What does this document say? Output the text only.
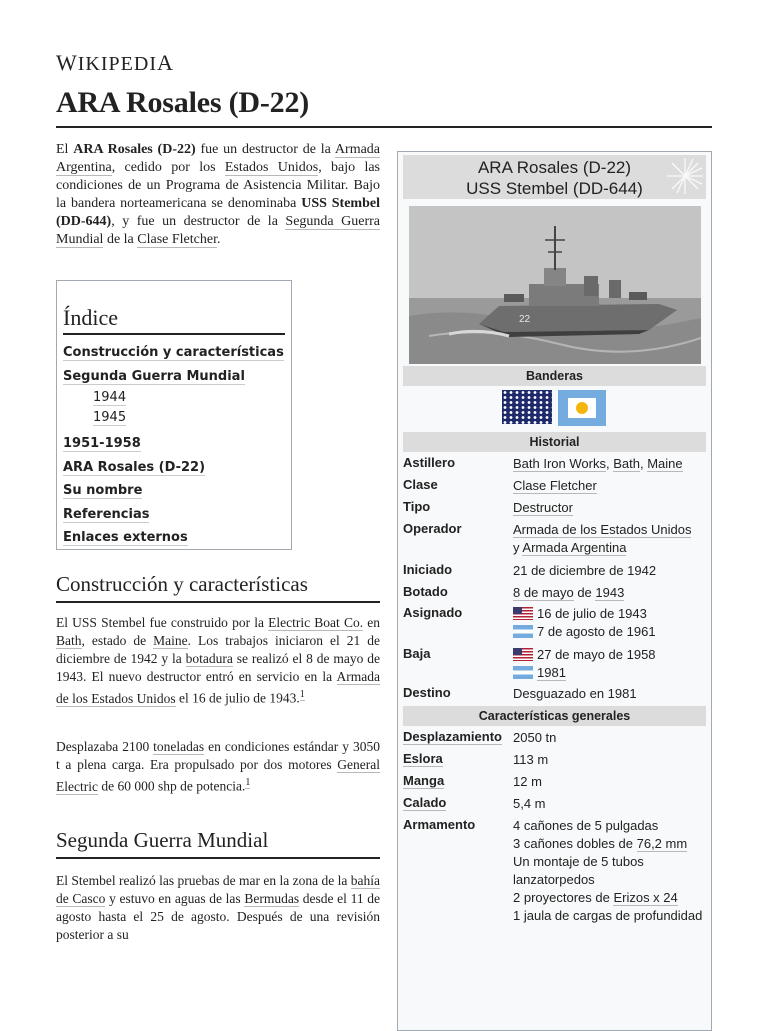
WIKIPEDIA
ARA Rosales (D-22)

El ARA Rosales (D-22) fue un destructor de la Armada Argentina, cedido por los Estados Unidos, bajo las condiciones de un Programa de Asistencia Militar. Bajo la bandera norteamericana se denominaba USS Stembel (DD-644), y fue un destructor de la Segunda Guerra Mundial de la Clase Fletcher.

Índice
Construcción y características
Segunda Guerra Mundial
1944
1945
1951-1958
ARA Rosales (D-22)
Su nombre
Referencias
Enlaces externos
Construcción y características

El USS Stembel fue construido por la Electric Boat Co. en Bath, estado de Maine. Los trabajos iniciaron el 21 de diciembre de 1942 y la botadura se realizó el 8 de mayo de 1943. El nuevo destructor entró en servicio en la Armada de los Estados Unidos el 16 de julio de 1943.$^1$

Desplazaba 2100 toneladas en condiciones estándar y 3050 t a plena carga. Era propulsado por dos motores General Electric de 60 000 shp de potencia.$^1$

Segunda Guerra Mundial

El Stembel realizó las pruebas de mar en la zona de la bahía de Casco y estuvo en aguas de las Bermudas desde el 11 de agosto hasta el 25 de agosto. Después de una revisión posterior a su

ARA Rosales (D-22)
USS Stembel (DD-644)
22
Banderas
Historial
Astillero	Bath Iron Works, Bath, Maine
Clase	Clase Fletcher
Tipo	Destructor
Operador	Armada de los Estados Unidos
y Armada Argentina
Iniciado	21 de diciembre de 1942
Botado	8 de mayo de 1943
Asignado	16 de julio de 1943
7 de agosto de 1961
Baja	27 de mayo de 1958
1981
Destino	Desguazado en 1981
Características generales
Desplazamiento 2050 tn
Eslora	113 m
Manga	12 m
Calado	5,4 m
Armamento	4 cañones de 5 pulgadas
3 cañones dobles de 76,2 mm
Un montaje de 5 tubos lanzatorpedos
2 proyectores de Erizos x 24
1 jaula de cargas de profundidad
